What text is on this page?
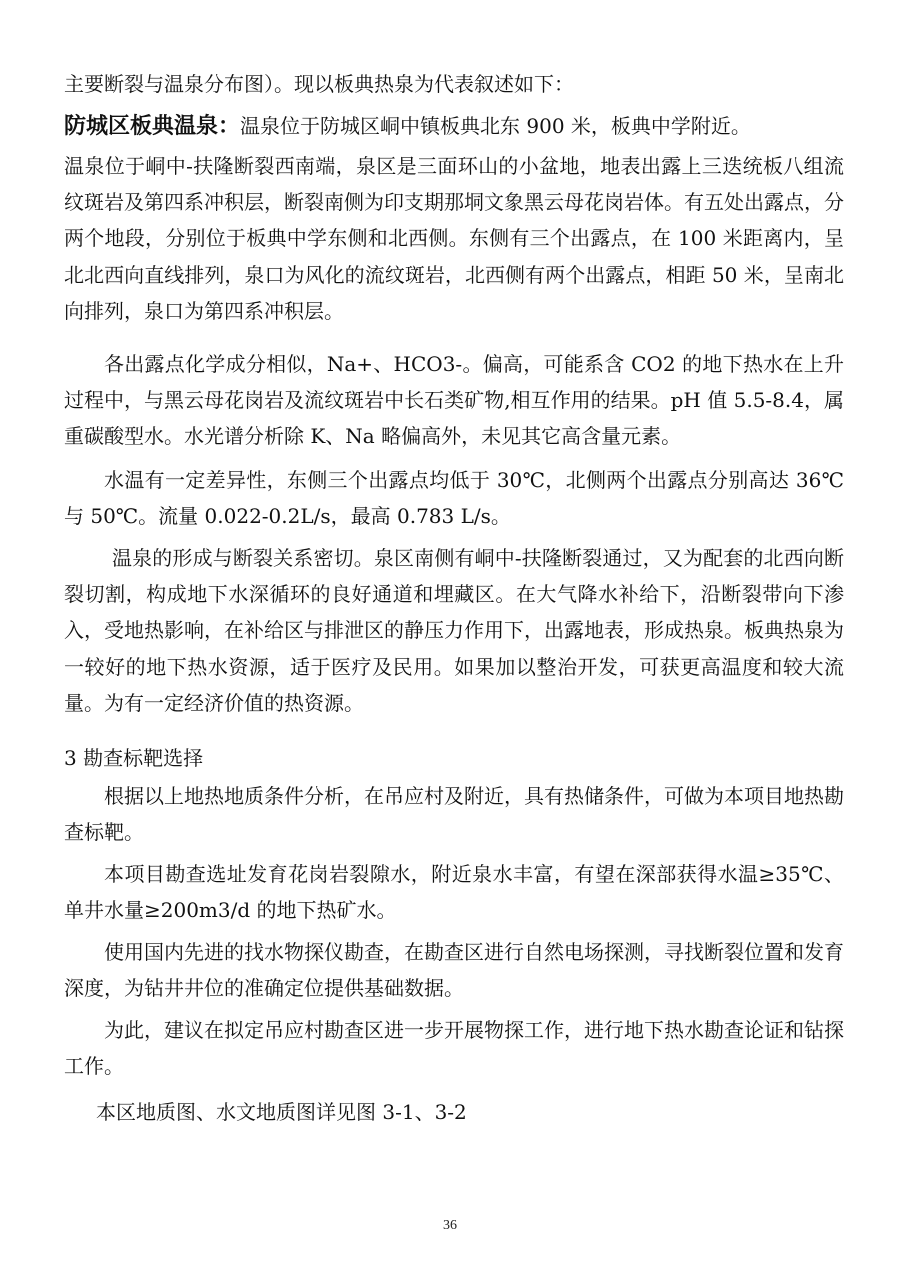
主要断裂与温泉分布图）。现以板典热泉为代表叙述如下：

防城区板典温泉：温泉位于防城区峒中镇板典北东 900 米，板典中学附近。

温泉位于峒中-扶隆断裂西南端，泉区是三面环山的小盆地，地表出露上三迭统板八组流纹斑岩及第四系冲积层，断裂南侧为印支期那垌文象黑云母花岗岩体。有五处出露点，分两个地段，分别位于板典中学东侧和北西侧。东侧有三个出露点，在 100 米距离内，呈北北西向直线排列，泉口为风化的流纹斑岩，北西侧有两个出露点，相距 50 米，呈南北向排列，泉口为第四系冲积层。

各出露点化学成分相似，Na+、HCO3-。偏高，可能系含 CO2 的地下热水在上升过程中，与黑云母花岗岩及流纹斑岩中长石类矿物,相互作用的结果。pH 值 5.5-8.4，属重碳酸型水。水光谱分析除 K、Na 略偏高外，未见其它高含量元素。

水温有一定差异性，东侧三个出露点均低于 30℃，北侧两个出露点分别高达 36℃与 50℃。流量 0.022-0.2L/s，最高 0.783 L/s。

温泉的形成与断裂关系密切。泉区南侧有峒中-扶隆断裂通过，又为配套的北西向断裂切割，构成地下水深循环的良好通道和埋藏区。在大气降水补给下，沿断裂带向下渗入，受地热影响，在补给区与排泄区的静压力作用下，出露地表，形成热泉。板典热泉为一较好的地下热水资源，适于医疗及民用。如果加以整治开发，可获更高温度和较大流量。为有一定经济价值的热资源。

3 勘查标靶选择

根据以上地热地质条件分析，在吊应村及附近，具有热储条件，可做为本项目地热勘查标靶。

本项目勘查选址发育花岗岩裂隙水，附近泉水丰富，有望在深部获得水温≥35℃、单井水量≥200m3/d 的地下热矿水。

使用国内先进的找水物探仪勘查，在勘查区进行自然电场探测，寻找断裂位置和发育深度，为钻井井位的准确定位提供基础数据。

为此，建议在拟定吊应村勘查区进一步开展物探工作，进行地下热水勘查论证和钻探工作。

本区地质图、水文地质图详见图 3-1、3-2

36
